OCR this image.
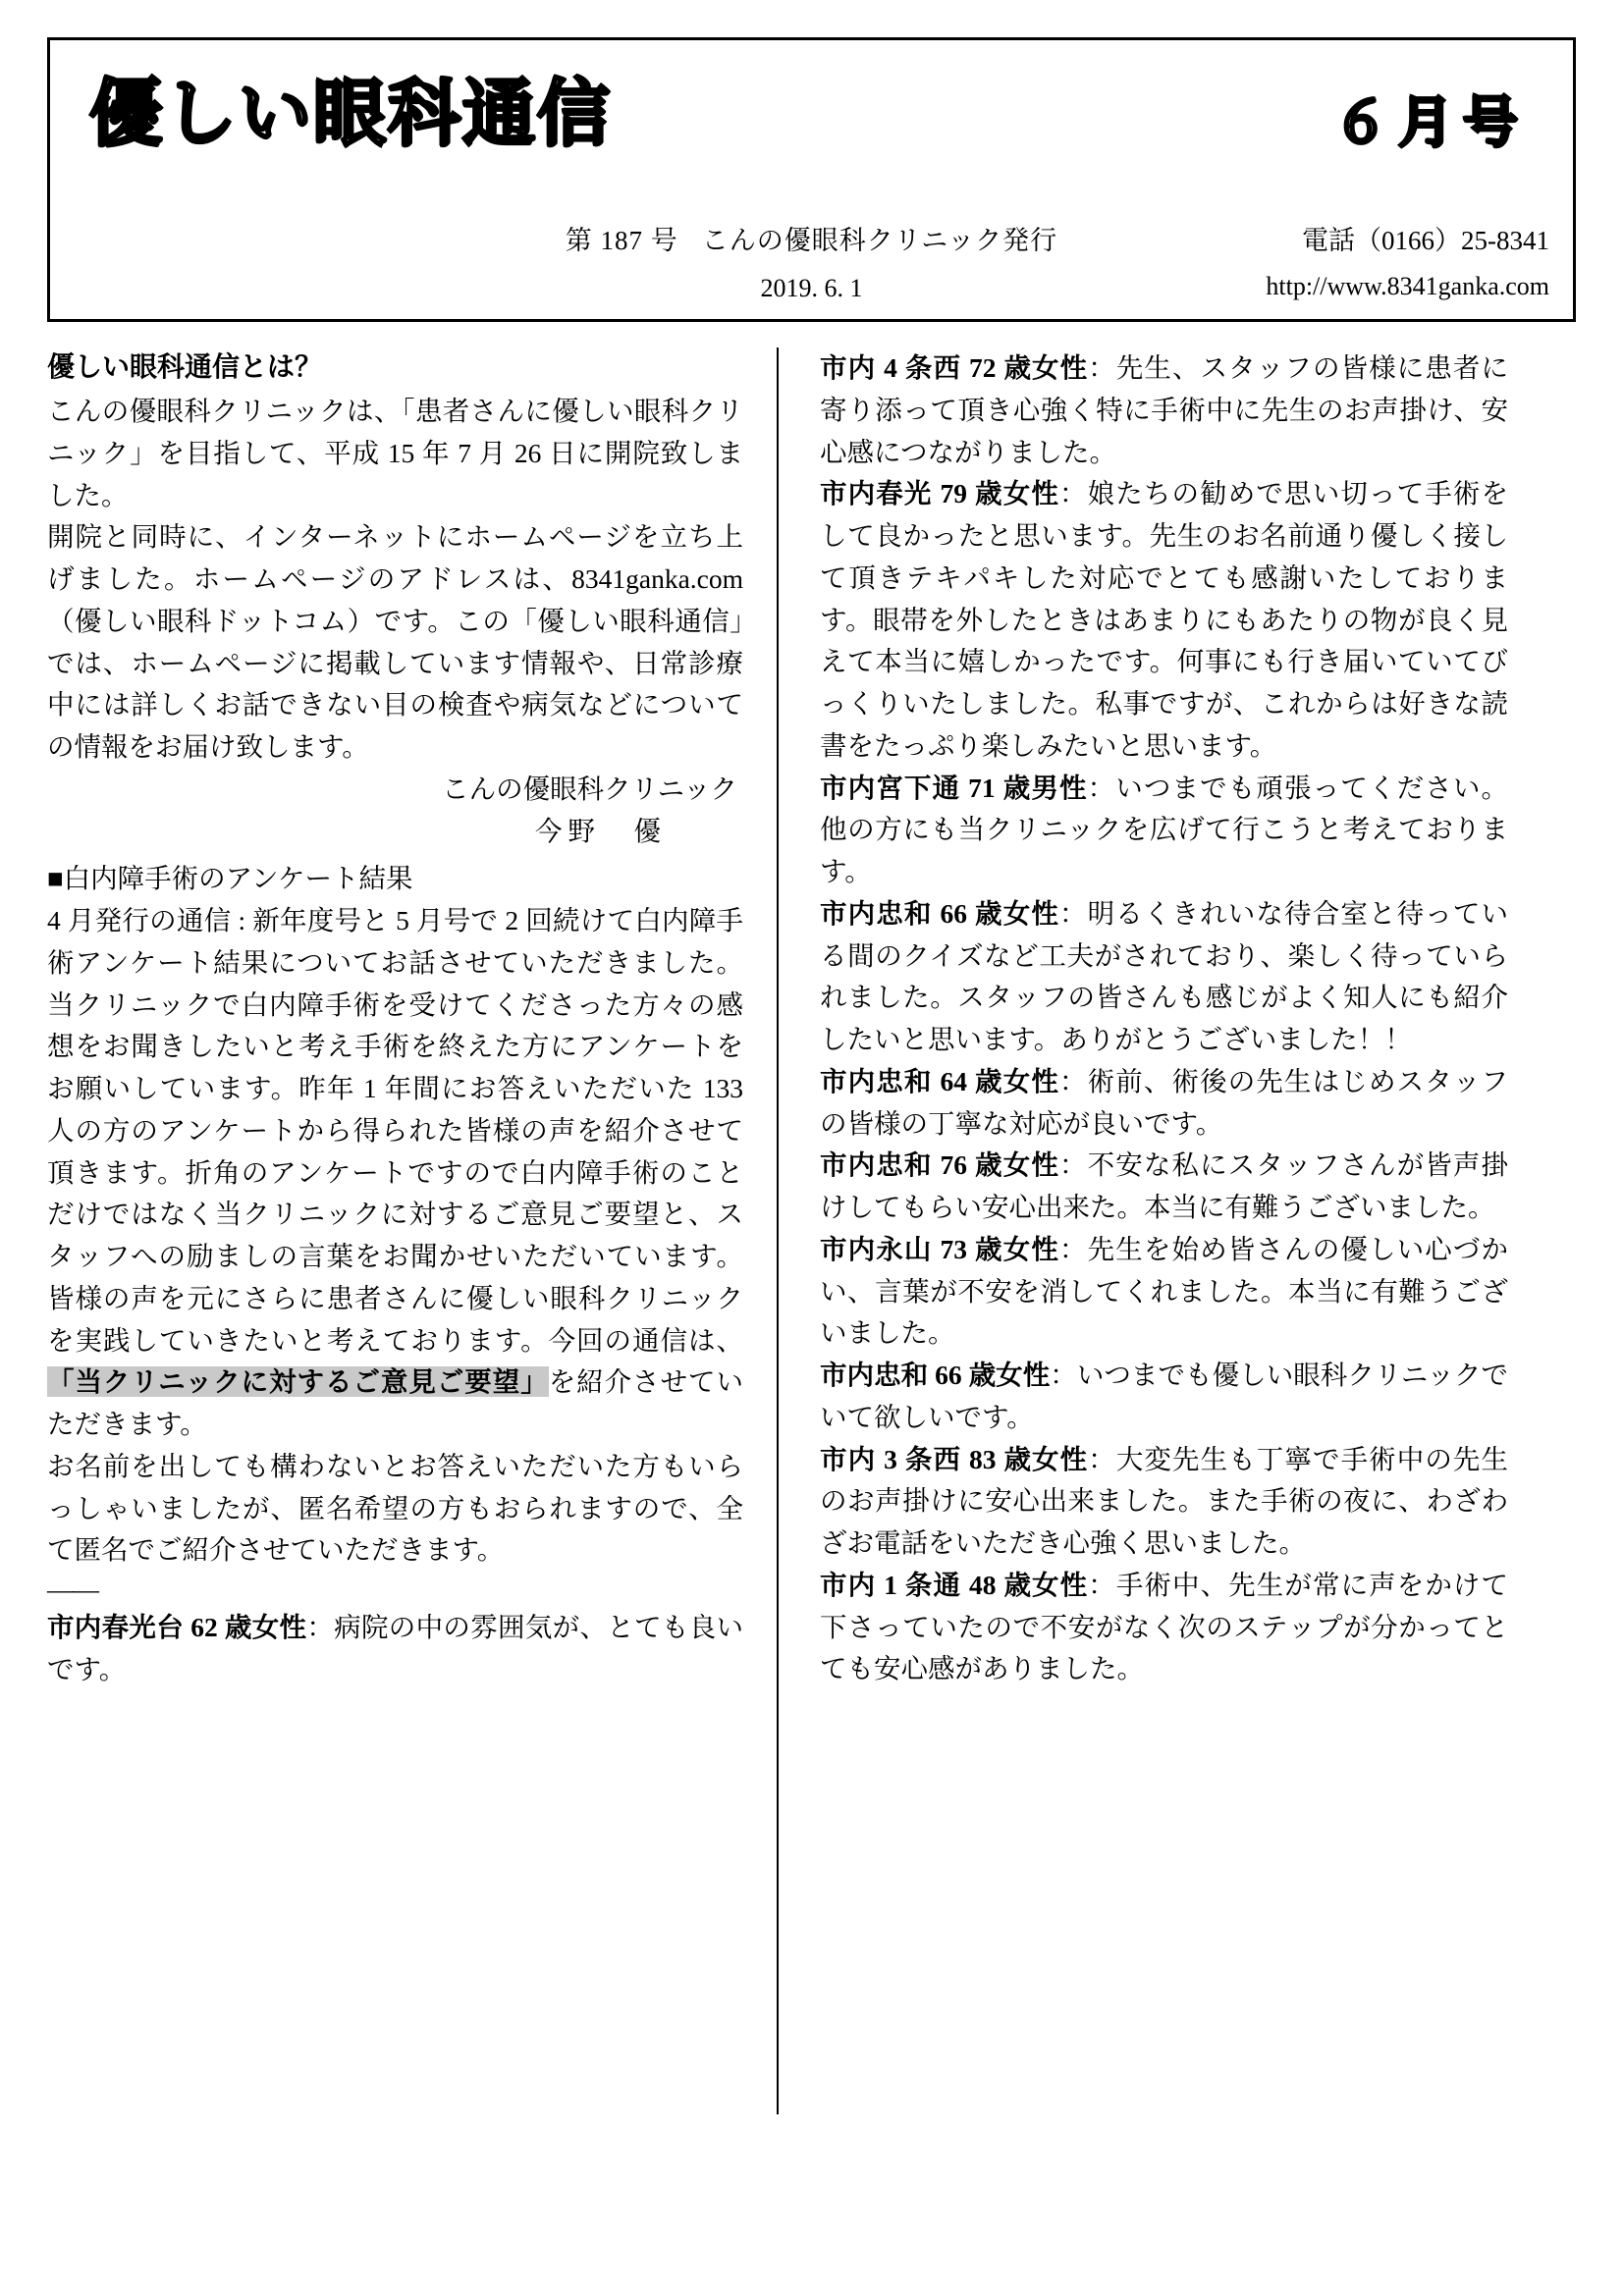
優しい眼科通信	６月号
第 187 号 こんの優眼科クリニック発行
2019. 6. 1
電話（0166）25-8341
http://www.8341ganka.com
優しい眼科通信とは？

こんの優眼科クリニックは、「患者さんに優しい眼科クリニック」を目指して、平成 15 年 7 月 26 日に開院致しました。

開院と同時に、インターネットにホームページを立ち上げました。ホームページのアドレスは、8341ganka.com（優しい眼科ドットコム）です。この「優しい眼科通信」では、ホームページに掲載しています情報や、日常診療中には詳しくお話できない目の検査や病気などについての情報をお届け致します。

こんの優眼科クリニック
今野　優
■白内障手術のアンケート結果

4 月発行の通信 : 新年度号と 5 月号で 2 回続けて白内障手術アンケート結果についてお話させていただきました。当クリニックで白内障手術を受けてくださった方々の感想をお聞きしたいと考え手術を終えた方にアンケートをお願いしています。昨年 1 年間にお答えいただいた 133 人の方のアンケートから得られた皆様の声を紹介させて頂きます。折角のアンケートですので白内障手術のことだけではなく当クリニックに対するご意見ご要望と、スタッフへの励ましの言葉をお聞かせいただいています。皆様の声を元にさらに患者さんに優しい眼科クリニックを実践していきたいと考えております。今回の通信は、「当クリニックに対するご意見ご要望」を紹介させていただきます。

お名前を出しても構わないとお答えいただいた方もいらっしゃいましたが、匿名希望の方もおられますので、全て匿名でご紹介させていただきます。

――

市内春光台 62 歳女性：病院の中の雰囲気が、とても良いです。

市内 4 条西 72 歳女性：先生、スタッフの皆様に患者に寄り添って頂き心強く特に手術中に先生のお声掛け、安心感につながりました。

市内春光 79 歳女性：娘たちの勧めで思い切って手術をして良かったと思います。先生のお名前通り優しく接して頂きテキパキした対応でとても感謝いたしております。眼帯を外したときはあまりにもあたりの物が良く見えて本当に嬉しかったです。何事にも行き届いていてびっくりいたしました。私事ですが、これからは好きな読書をたっぷり楽しみたいと思います。

市内宮下通 71 歳男性：いつまでも頑張ってください。他の方にも当クリニックを広げて行こうと考えております。

市内忠和 66 歳女性：明るくきれいな待合室と待っている間のクイズなど工夫がされており、楽しく待っていられました。スタッフの皆さんも感じがよく知人にも紹介したいと思います。ありがとうございました！！

市内忠和 64 歳女性：術前、術後の先生はじめスタッフの皆様の丁寧な対応が良いです。

市内忠和 76 歳女性：不安な私にスタッフさんが皆声掛けしてもらい安心出来た。本当に有難うございました。

市内永山 73 歳女性：先生を始め皆さんの優しい心づかい、言葉が不安を消してくれました。本当に有難うございました。

市内忠和 66 歳女性：いつまでも優しい眼科クリニックでいて欲しいです。

市内 3 条西 83 歳女性：大変先生も丁寧で手術中の先生のお声掛けに安心出来ました。また手術の夜に、わざわざお電話をいただき心強く思いました。

市内 1 条通 48 歳女性：手術中、先生が常に声をかけて下さっていたので不安がなく次のステップが分かってとても安心感がありました。
